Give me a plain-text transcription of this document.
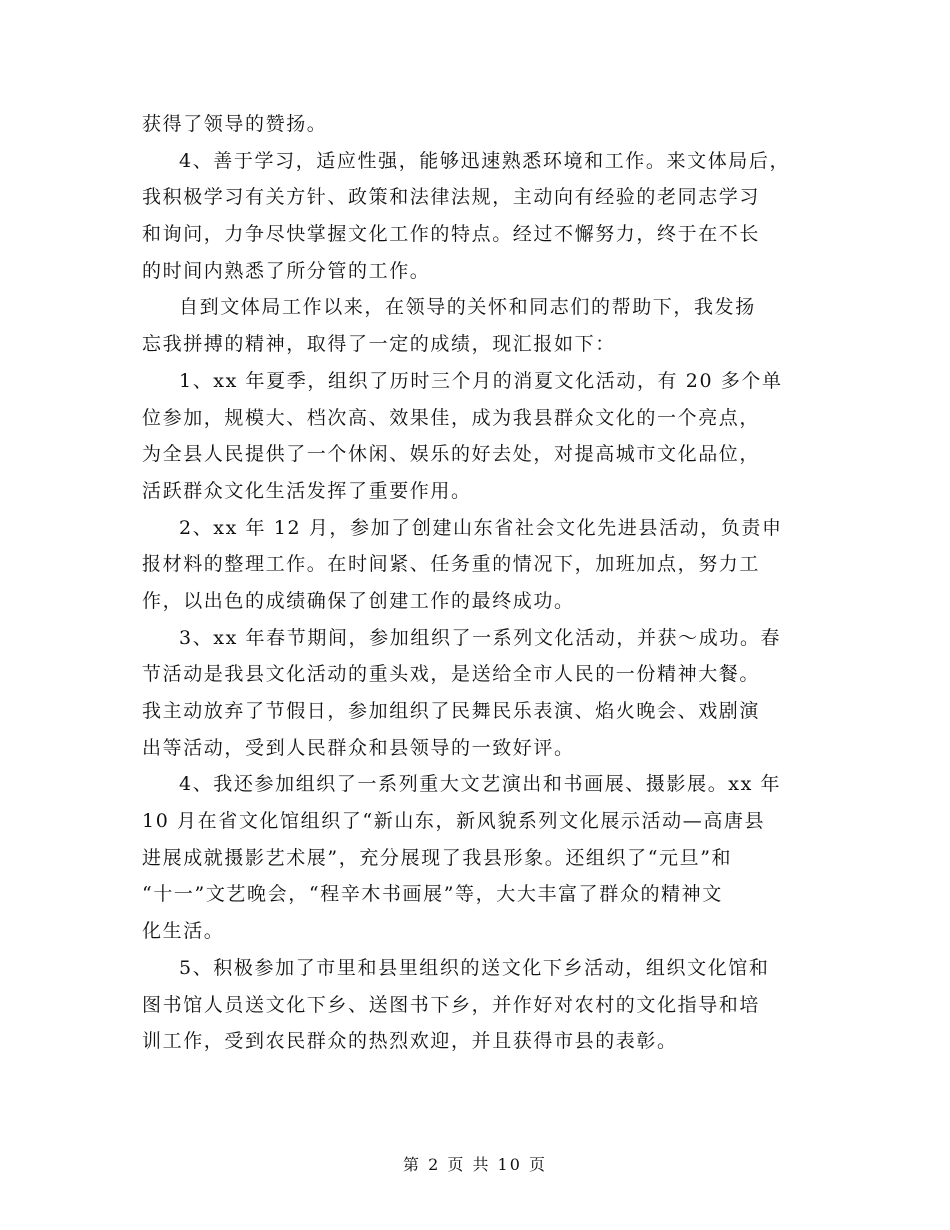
获得了领导的赞扬。
4、善于学习，适应性强，能够迅速熟悉环境和工作。来文体局后，
我积极学习有关方针、政策和法律法规，主动向有经验的老同志学习
和询问，力争尽快掌握文化工作的特点。经过不懈努力，终于在不长
的时间内熟悉了所分管的工作。
自到文体局工作以来，在领导的关怀和同志们的帮助下，我发扬
忘我拼搏的精神，取得了一定的成绩，现汇报如下：
1、xx 年夏季，组织了历时三个月的消夏文化活动，有 20 多个单
位参加，规模大、档次高、效果佳，成为我县群众文化的一个亮点，
为全县人民提供了一个休闲、娱乐的好去处，对提高城市文化品位，
活跃群众文化生活发挥了重要作用。
2、xx 年 12 月，参加了创建山东省社会文化先进县活动，负责申
报材料的整理工作。在时间紧、任务重的情况下，加班加点，努力工
作，以出色的成绩确保了创建工作的最终成功。
3、xx 年春节期间，参加组织了一系列文化活动，并获～成功。春
节活动是我县文化活动的重头戏，是送给全市人民的一份精神大餐。
我主动放弃了节假日，参加组织了民舞民乐表演、焰火晚会、戏剧演
出等活动，受到人民群众和县领导的一致好评。
4、我还参加组织了一系列重大文艺演出和书画展、摄影展。xx 年
10 月在省文化馆组织了“新山东，新风貌系列文化展示活动—高唐县
进展成就摄影艺术展”，充分展现了我县形象。还组织了“元旦”和
“十一”文艺晚会，“程辛木书画展”等，大大丰富了群众的精神文
化生活。
5、积极参加了市里和县里组织的送文化下乡活动，组织文化馆和
图书馆人员送文化下乡、送图书下乡，并作好对农村的文化指导和培
训工作，受到农民群众的热烈欢迎，并且获得市县的表彰。
第 2 页 共 10 页
